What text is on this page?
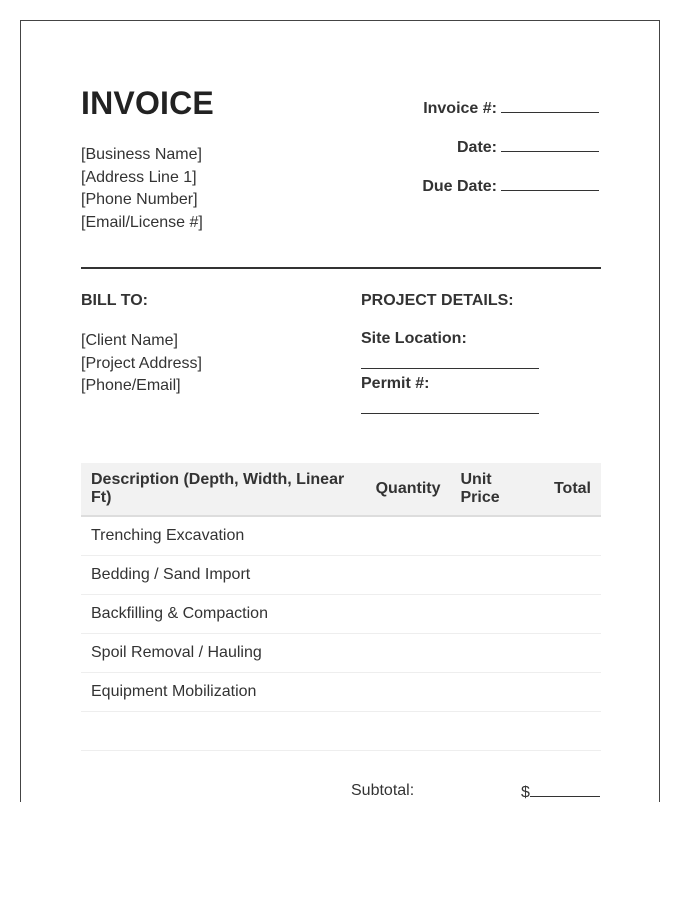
INVOICE
[Business Name]
[Address Line 1]
[Phone Number]
[Email/License #]
Invoice #:
Date:
Due Date:
BILL TO:	PROJECT DETAILS:
[Client Name]
[Project Address]
[Phone/Email]
Site Location:
Permit #:
Description (Depth, Width, Linear Ft)	Quantity	Unit Price	Total
Trenching Excavation			
Bedding / Sand Import			
Backfilling & Compaction			
Spoil Removal / Hauling			
Equipment Mobilization			

Subtotal:	$
